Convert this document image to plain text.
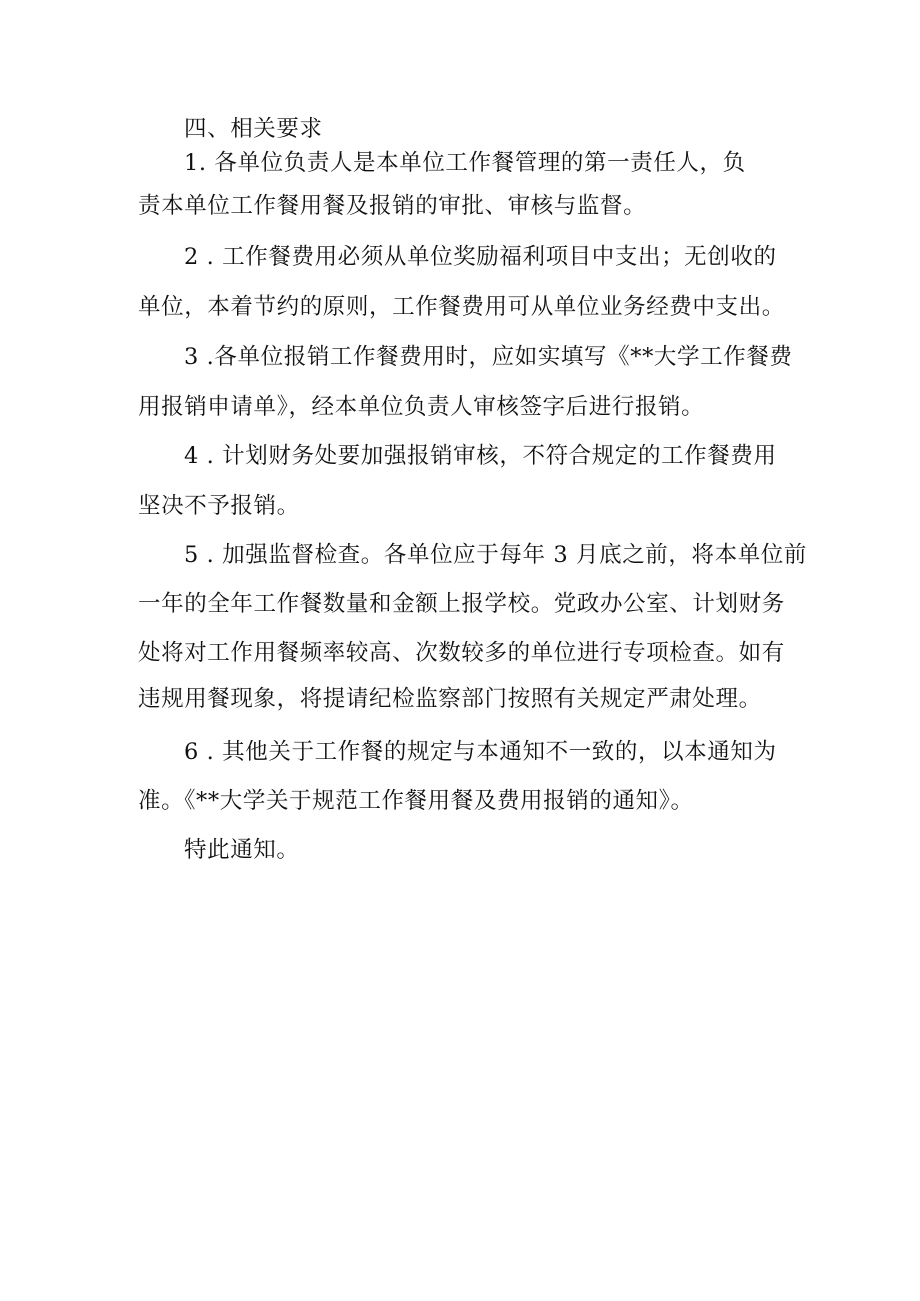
四、相关要求
1. 各单位负责人是本单位工作餐管理的第一责任人，负
责本单位工作餐用餐及报销的审批、审核与监督。
2 . 工作餐费用必须从单位奖励福利项目中支出；无创收的
单位，本着节约的原则，工作餐费用可从单位业务经费中支出。
3 .各单位报销工作餐费用时，应如实填写《**大学工作餐费
用报销申请单》，经本单位负责人审核签字后进行报销。
4 . 计划财务处要加强报销审核，不符合规定的工作餐费用
坚决不予报销。
5 . 加强监督检查。各单位应于每年 3 月底之前，将本单位前
一年的全年工作餐数量和金额上报学校。党政办公室、计划财务
处将对工作用餐频率较高、次数较多的单位进行专项检查。如有
违规用餐现象，将提请纪检监察部门按照有关规定严肃处理。
6 . 其他关于工作餐的规定与本通知不一致的，以本通知为
准。《**大学关于规范工作餐用餐及费用报销的通知》。
特此通知。
